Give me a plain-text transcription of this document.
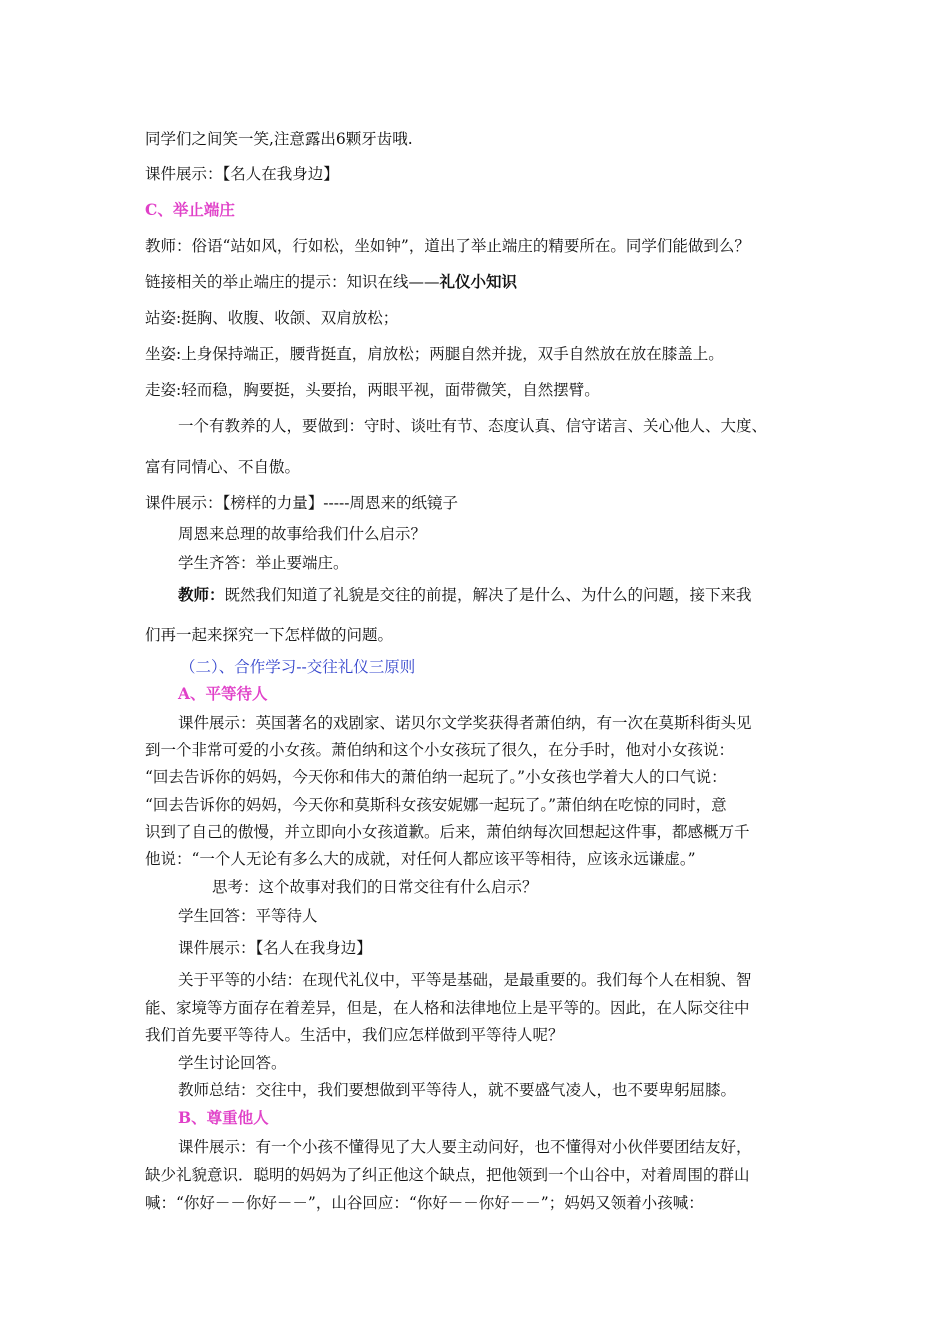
同学们之间笑一笑,注意露出6颗牙齿哦.
课件展示：【名人在我身边】
C、举止端庄
教师：俗语“站如风，行如松，坐如钟”，道出了举止端庄的精要所在。同学们能做到么？
链接相关的举止端庄的提示：知识在线——礼仪小知识
站姿:挺胸、收腹、收颌、双肩放松；
坐姿:上身保持端正，腰背挺直，肩放松；两腿自然并拢，双手自然放在放在膝盖上。
走姿:轻而稳，胸要挺，头要抬，两眼平视，面带微笑，自然摆臂。
一个有教养的人，要做到：守时、谈吐有节、态度认真、信守诺言、关心他人、大度、
富有同情心、不自傲。
课件展示：【榜样的力量】-----周恩来的纸镜子
周恩来总理的故事给我们什么启示？
学生齐答：举止要端庄。
教师：既然我们知道了礼貌是交往的前提，解决了是什么、为什么的问题，接下来我
们再一起来探究一下怎样做的问题。
（二）、合作学习--交往礼仪三原则
A、平等待人
课件展示：英国著名的戏剧家、诺贝尔文学奖获得者萧伯纳，有一次在莫斯科街头见
到一个非常可爱的小女孩。萧伯纳和这个小女孩玩了很久，在分手时，他对小女孩说：
“回去告诉你的妈妈，今天你和伟大的萧伯纳一起玩了。”小女孩也学着大人的口气说：
“回去告诉你的妈妈，今天你和莫斯科女孩安妮娜一起玩了。”萧伯纳在吃惊的同时，意
识到了自己的傲慢，并立即向小女孩道歉。后来，萧伯纳每次回想起这件事，都感概万千
他说：“一个人无论有多么大的成就，对任何人都应该平等相待，应该永远谦虚。”
思考：这个故事对我们的日常交往有什么启示？
学生回答：平等待人
课件展示：【名人在我身边】
关于平等的小结：在现代礼仪中，平等是基础，是最重要的。我们每个人在相貌、智
能、家境等方面存在着差异，但是，在人格和法律地位上是平等的。因此，在人际交往中
我们首先要平等待人。生活中，我们应怎样做到平等待人呢？
学生讨论回答。
教师总结：交往中，我们要想做到平等待人，就不要盛气凌人，也不要卑躬屈膝。
B、尊重他人
课件展示：有一个小孩不懂得见了大人要主动问好，也不懂得对小伙伴要团结友好，
缺少礼貌意识．聪明的妈妈为了纠正他这个缺点，把他领到一个山谷中，对着周围的群山
喊：“你好－－你好－－”，山谷回应：“你好－－你好－－”；妈妈又领着小孩喊：
